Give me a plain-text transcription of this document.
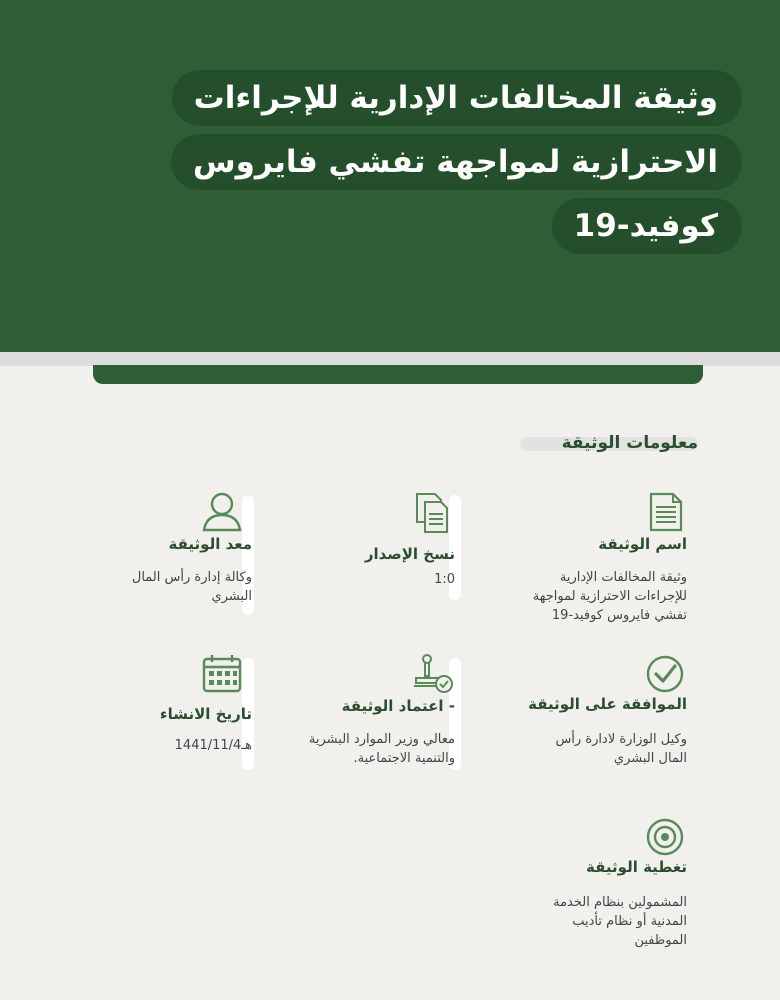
وثيقة المخالفات الإدارية للإجراءات
الاحترازية لمواجهة تفشي فايروس
كوفيد-19
معلومات الوثيقة
اسم الوثيقة
وثيقة المخالفات الإدارية للإجراءات الاحترازية لمواجهة تفشي فايروس كوفيد-19
نسخ الإصدار
1:0
معد الوثيقة
وكالة إدارة رأس المال البشري
الموافقة على الوثيقة
وكيل الوزارة لادارة رأس المال البشري
- اعتماد الوثيقة
معالي وزير الموارد البشرية والتنمية الاجتماعية.
تاريخ الانشاء
1441/11/4هـ
تغطية الوثيقة
المشمولين بنظام الخدمة المدنية أو نظام تأديب الموظفين
